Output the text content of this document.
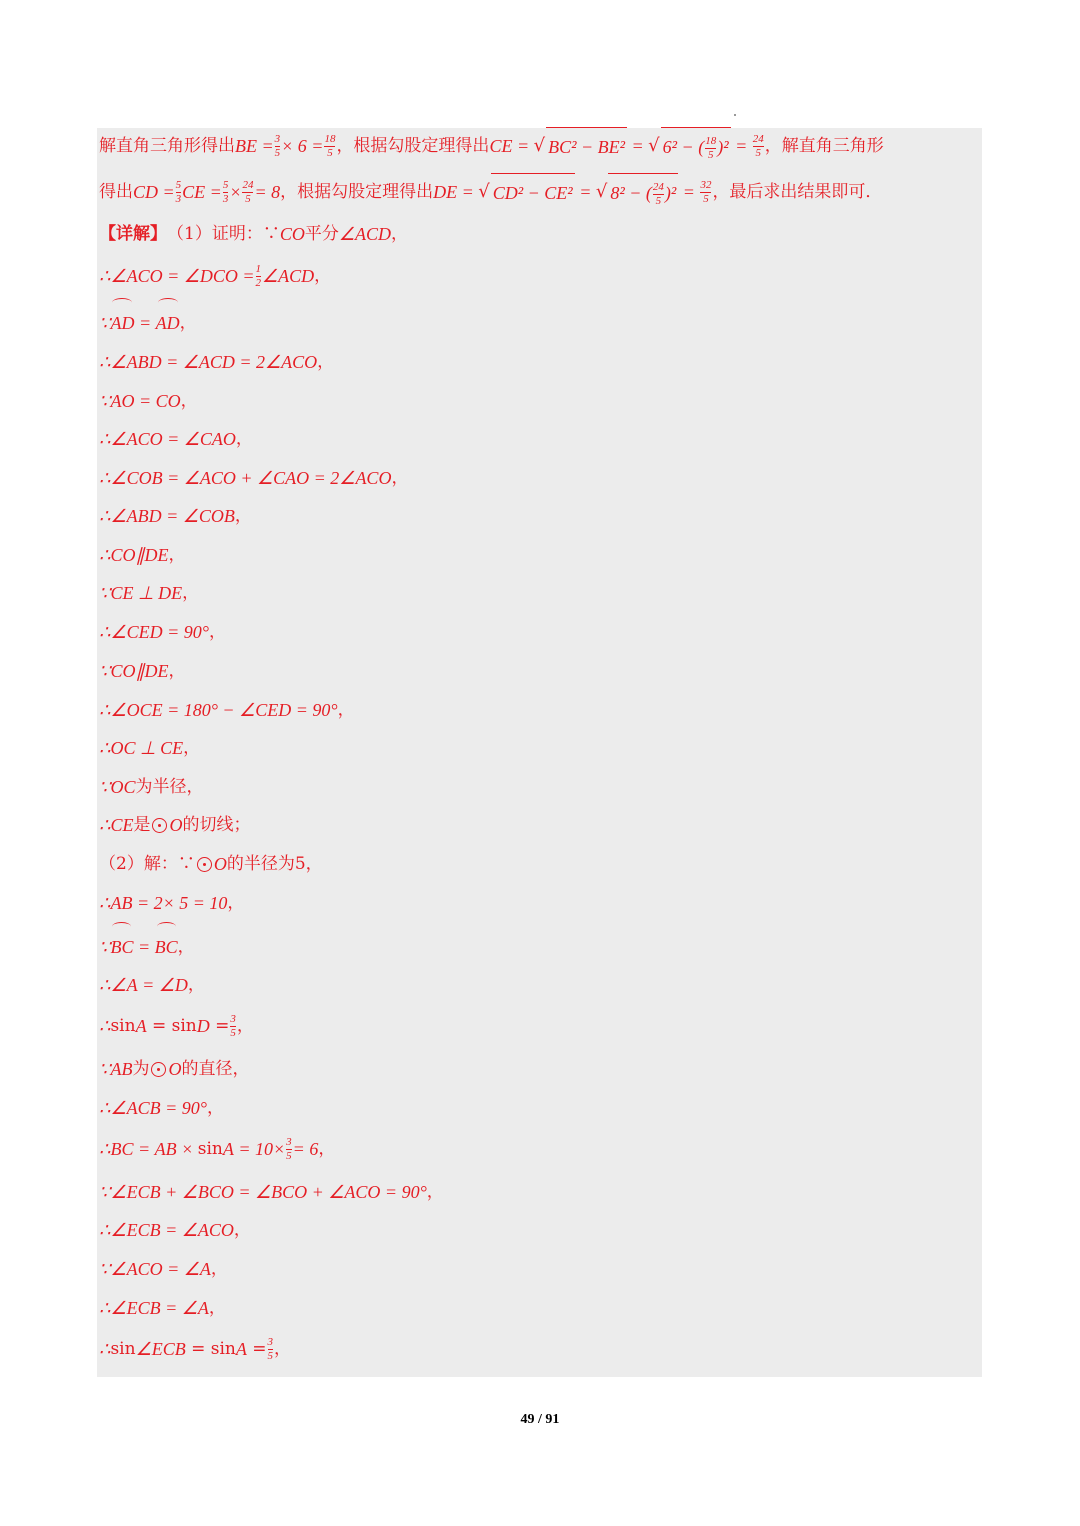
解直角三角形得出 BE = $\frac{3}{5} \times 6 = \frac{18}{5}$ ，根据勾股定理得出 CE = √ BC² − BE² = √ 6² − ( $\frac{18}{5} )^2 = \frac{24}{5}$ ，解直角三角形
得出 CD = $\frac{5}{3}$ CE = $\frac{5}{3} \times \frac{24}{5} = 8$ ，根据勾股定理得出 DE = √ CD² − CE² = √ 8² − ( $\frac{24}{5} )^2 = \frac{32}{5}$ ，最后求出结果即可．
【详解】 （1）证明：∵ CO 平分 ∠ACD ，
∴∠ACO = ∠DCO = $\frac{1}{2}$ ∠ACD ，
∵ AD = AD ，
∴∠ABD = ∠ACD = 2∠ACO ，
∵AO = CO ，
∴∠ACO = ∠CAO ，
∴∠COB = ∠ACO + ∠CAO = 2∠ACO ，
∴∠ABD = ∠COB ，
∴CO∥DE ，
∵CE ⊥ DE ，
∴∠CED = 90° ，
∵CO∥DE ，
∴∠OCE = 180° − ∠CED = 90° ，
∴OC ⊥ CE ，
∵OC 为半径，
∴CE 是 O 的切线；
（2）解：∵ O 的半径为5，
∴AB = 2× 5 = 10 ，
∵ BC = BC ，
∴∠A = ∠D ，
∴ $\sin A = \sin D = \frac{3}{5}$ ，
∵AB 为 O 的直径，
∴∠ACB = 90° ，
∴BC = AB × $\sin A = 10\times \frac{3}{5} = 6$ ，
∵∠ECB + ∠BCO = ∠BCO + ∠ACO = 90° ，
∴∠ECB = ∠ACO ，
∵∠ACO = ∠A ，
∴∠ECB = ∠A ，
∴ sin ∠ECB = $\sin A = \frac{3}{5}$ ，
49 / 91
